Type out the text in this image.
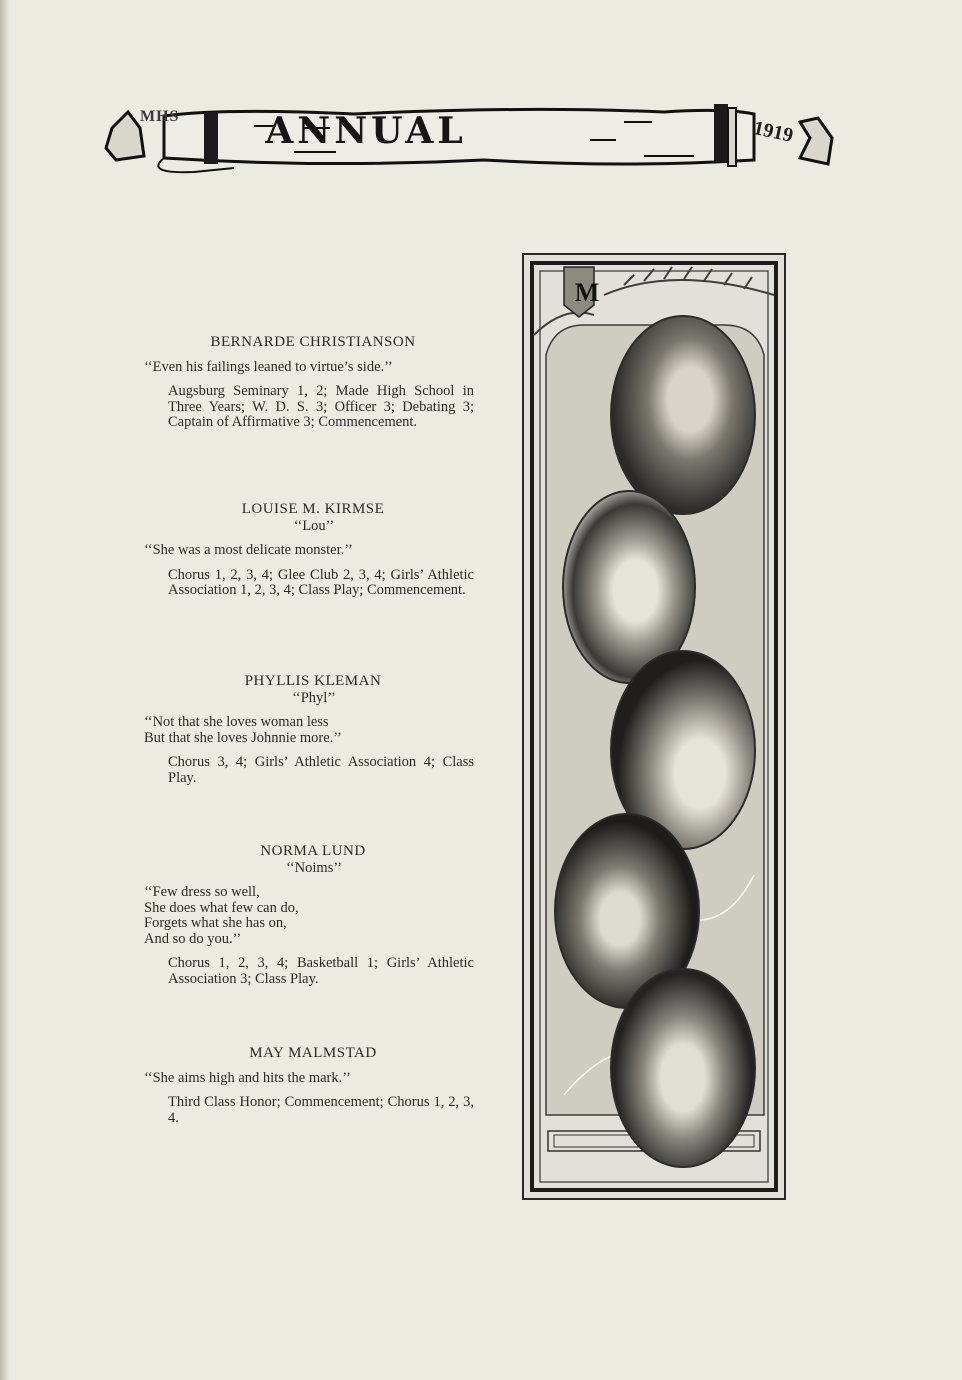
ANNUAL
MHS
1919
BERNARDE CHRISTIANSON
‘‘Even his failings leaned to virtue’s side.’’
Augsburg Seminary 1, 2; Made High School in Three Years; W. D. S. 3; Officer 3; Debating 3; Captain of Affirmative 3; Commencement.
LOUISE M. KIRMSE
‘‘Lou’’
‘‘She was a most delicate monster.’’
Chorus 1, 2, 3, 4; Glee Club 2, 3, 4; Girls’ Athletic Association 1, 2, 3, 4; Class Play; Commencement.
PHYLLIS KLEMAN
‘‘Phyl’’
‘‘Not that she loves woman less
But that she loves Johnnie more.’’
Chorus 3, 4; Girls’ Athletic Association 4; Class Play.
NORMA LUND
‘‘Noims’’
‘‘Few dress so well,
She does what few can do,
Forgets what she has on,
And so do you.’’
Chorus 1, 2, 3, 4; Basketball 1; Girls’ Athletic Association 3; Class Play.
MAY MALMSTAD
‘‘She aims high and hits the mark.’’
Third Class Honor; Commencement; Chorus 1, 2, 3, 4.
M
